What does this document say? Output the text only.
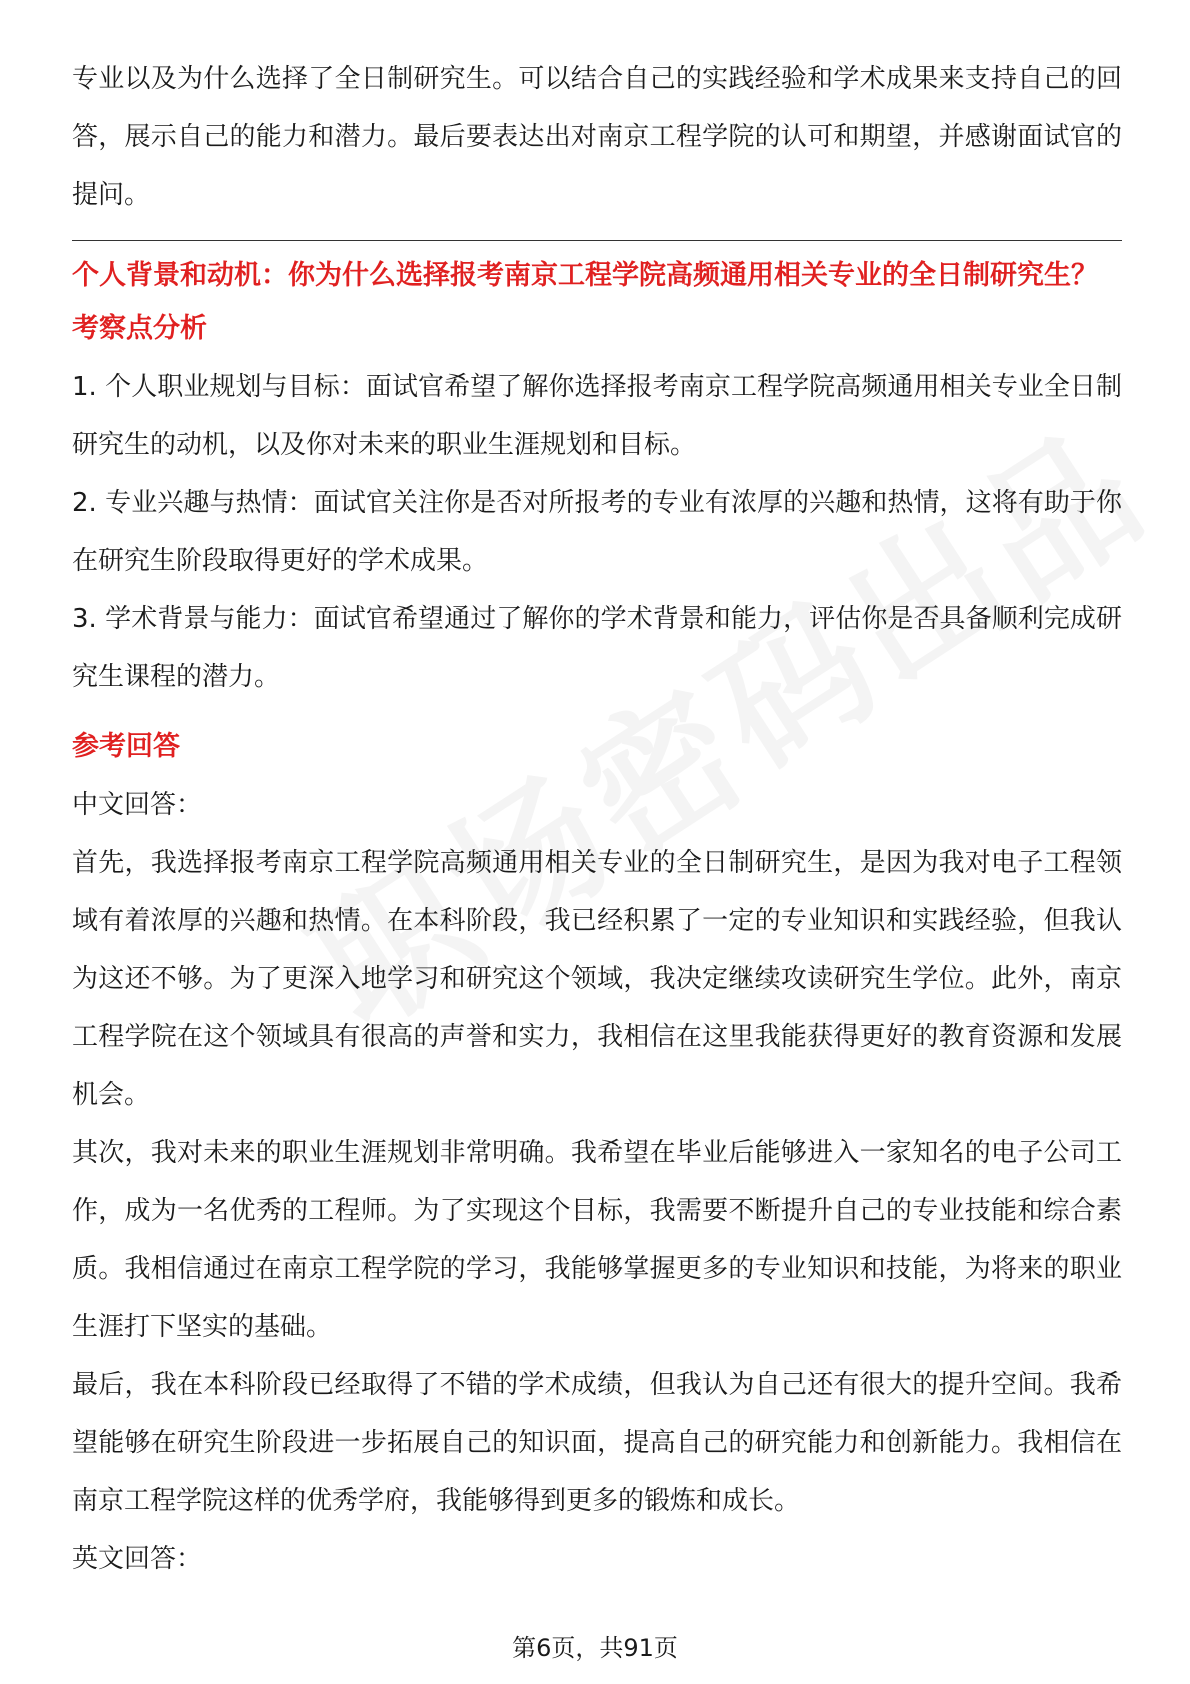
专业以及为什么选择了全日制研究生。可以结合自己的实践经验和学术成果来支持自己的回答，展示自己的能力和潜力。最后要表达出对南京工程学院的认可和期望，并感谢面试官的提问。

个人背景和动机：你为什么选择报考南京工程学院高频通用相关专业的全日制研究生？

考察点分析

1. 个人职业规划与目标：面试官希望了解你选择报考南京工程学院高频通用相关专业全日制研究生的动机，以及你对未来的职业生涯规划和目标。

2. 专业兴趣与热情：面试官关注你是否对所报考的专业有浓厚的兴趣和热情，这将有助于你在研究生阶段取得更好的学术成果。

3. 学术背景与能力：面试官希望通过了解你的学术背景和能力，评估你是否具备顺利完成研究生课程的潜力。

参考回答

中文回答：

首先，我选择报考南京工程学院高频通用相关专业的全日制研究生，是因为我对电子工程领域有着浓厚的兴趣和热情。在本科阶段，我已经积累了一定的专业知识和实践经验，但我认为这还不够。为了更深入地学习和研究这个领域，我决定继续攻读研究生学位。此外，南京工程学院在这个领域具有很高的声誉和实力，我相信在这里我能获得更好的教育资源和发展机会。

其次，我对未来的职业生涯规划非常明确。我希望在毕业后能够进入一家知名的电子公司工作，成为一名优秀的工程师。为了实现这个目标，我需要不断提升自己的专业技能和综合素质。我相信通过在南京工程学院的学习，我能够掌握更多的专业知识和技能，为将来的职业生涯打下坚实的基础。

最后，我在本科阶段已经取得了不错的学术成绩，但我认为自己还有很大的提升空间。我希望能够在研究生阶段进一步拓展自己的知识面，提高自己的研究能力和创新能力。我相信在南京工程学院这样的优秀学府，我能够得到更多的锻炼和成长。

英文回答：

第6页，共91页
